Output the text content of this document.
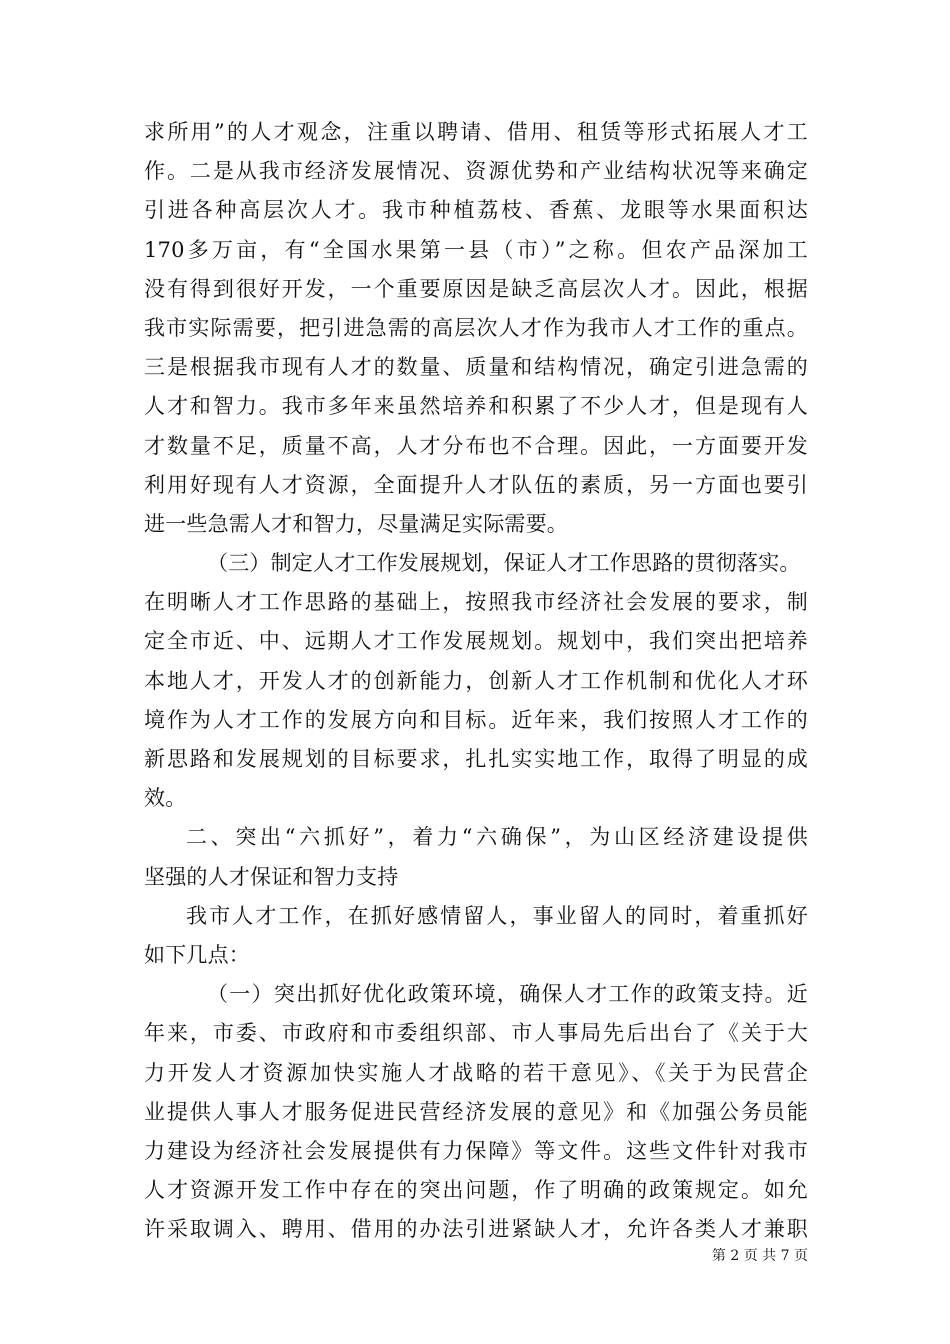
求所用”的人才观念，注重以聘请、借用、租赁等形式拓展人才工
作。二是从我市经济发展情况、资源优势和产业结构状况等来确定
引进各种高层次人才。我市种植荔枝、香蕉、龙眼等水果面积达
170多万亩，有“全国水果第一县（市）”之称。但农产品深加工
没有得到很好开发，一个重要原因是缺乏高层次人才。因此，根据
我市实际需要，把引进急需的高层次人才作为我市人才工作的重点。
三是根据我市现有人才的数量、质量和结构情况，确定引进急需的
人才和智力。我市多年来虽然培养和积累了不少人才，但是现有人
才数量不足，质量不高，人才分布也不合理。因此，一方面要开发
利用好现有人才资源，全面提升人才队伍的素质，另一方面也要引
进一些急需人才和智力，尽量满足实际需要。
（三）制定人才工作发展规划，保证人才工作思路的贯彻落实。
在明晰人才工作思路的基础上，按照我市经济社会发展的要求，制
定全市近、中、远期人才工作发展规划。规划中，我们突出把培养
本地人才，开发人才的创新能力，创新人才工作机制和优化人才环
境作为人才工作的发展方向和目标。近年来，我们按照人才工作的
新思路和发展规划的目标要求，扎扎实实地工作，取得了明显的成
效。
二、突出“六抓好”，着力“六确保”，为山区经济建设提供
坚强的人才保证和智力支持
我市人才工作，在抓好感情留人，事业留人的同时，着重抓好
如下几点：
（一）突出抓好优化政策环境，确保人才工作的政策支持。近
年来，市委、市政府和市委组织部、市人事局先后出台了《关于大
力开发人才资源加快实施人才战略的若干意见》、《关于为民营企
业提供人事人才服务促进民营经济发展的意见》和《加强公务员能
力建设为经济社会发展提供有力保障》等文件。这些文件针对我市
人才资源开发工作中存在的突出问题，作了明确的政策规定。如允
许采取调入、聘用、借用的办法引进紧缺人才，允许各类人才兼职
第 2 页 共 7 页
